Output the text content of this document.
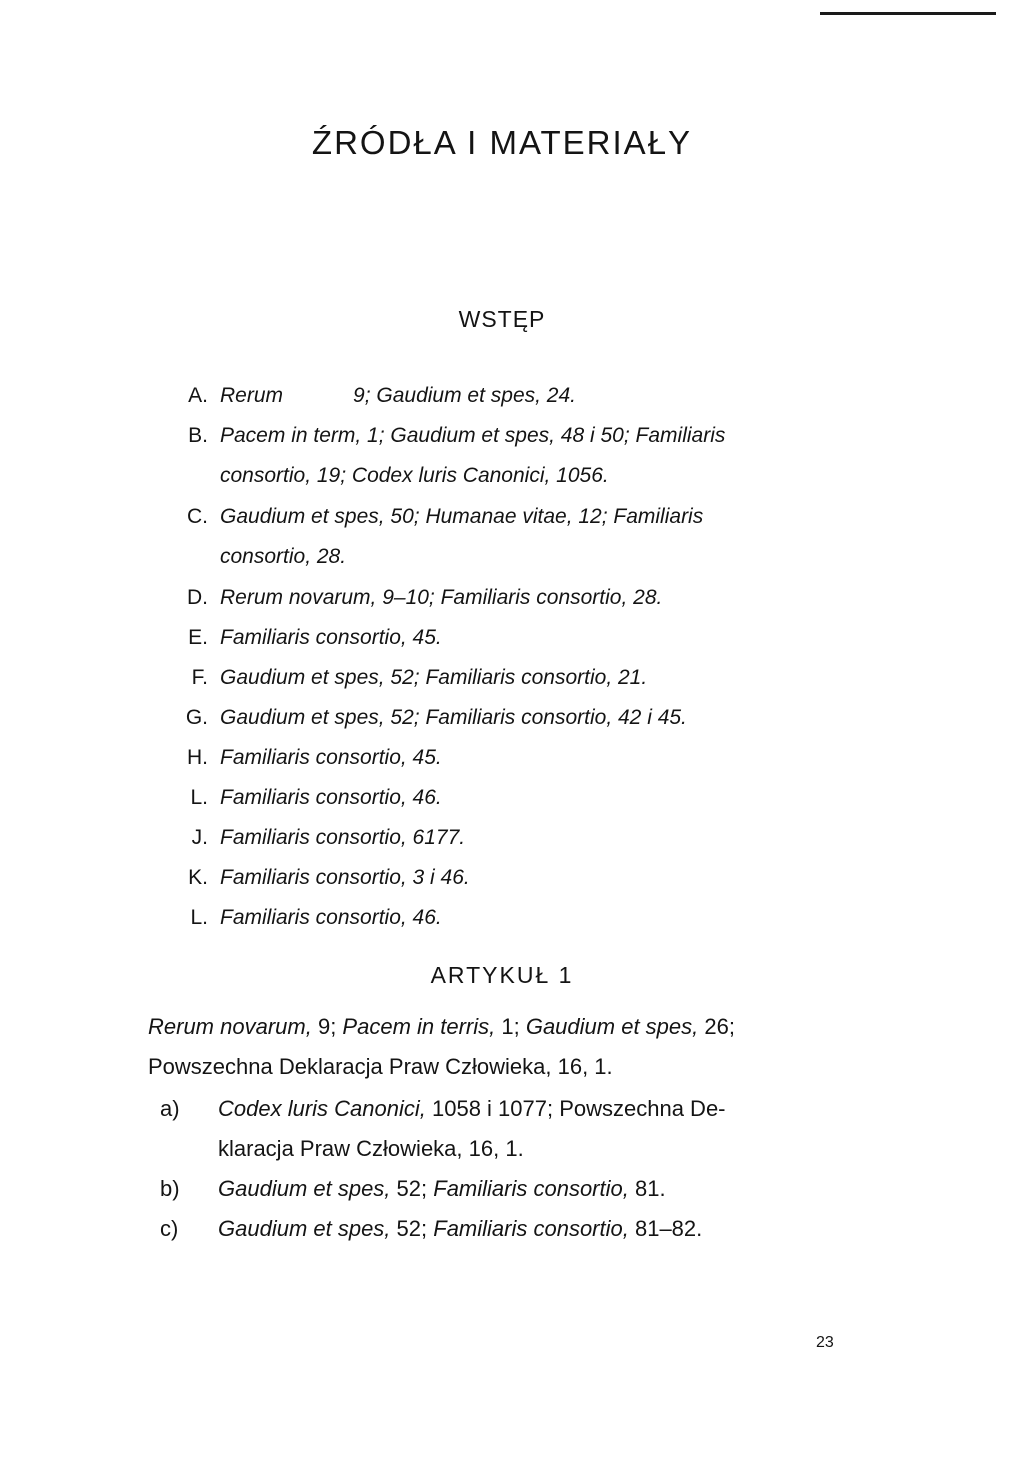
ŹRÓDŁA I MATERIAŁY
WSTĘP
A. Rerum            9; Gaudium et spes, 24.
B. Pacem in term, 1; Gaudium et spes, 48 i 50; Familiaris
consortio, 19; Codex luris Canonici, 1056.
C. Gaudium et spes, 50; Humanae vitae, 12; Familiaris
consortio, 28.
D. Rerum novarum, 9–10; Familiaris consortio, 28.
E. Familiaris consortio, 45.
F. Gaudium et spes, 52; Familiaris consortio, 21.
G. Gaudium et spes, 52; Familiaris consortio, 42 i 45.
H. Familiaris consortio, 45.
L. Familiaris consortio, 46.
J. Familiaris consortio, 6177.
K. Familiaris consortio, 3 i 46.
L. Familiaris consortio, 46.
ARTYKUŁ 1
Rerum novarum, 9; Pacem in terris, 1; Gaudium et spes, 26;
Powszechna Deklaracja Praw Człowieka, 16, 1.
a) Codex luris Canonici, 1058 i 1077; Powszechna De-
klaracja Praw Człowieka, 16, 1.
b) Gaudium et spes, 52; Familiaris consortio, 81.
c) Gaudium et spes, 52; Familiaris consortio, 81–82.
23
